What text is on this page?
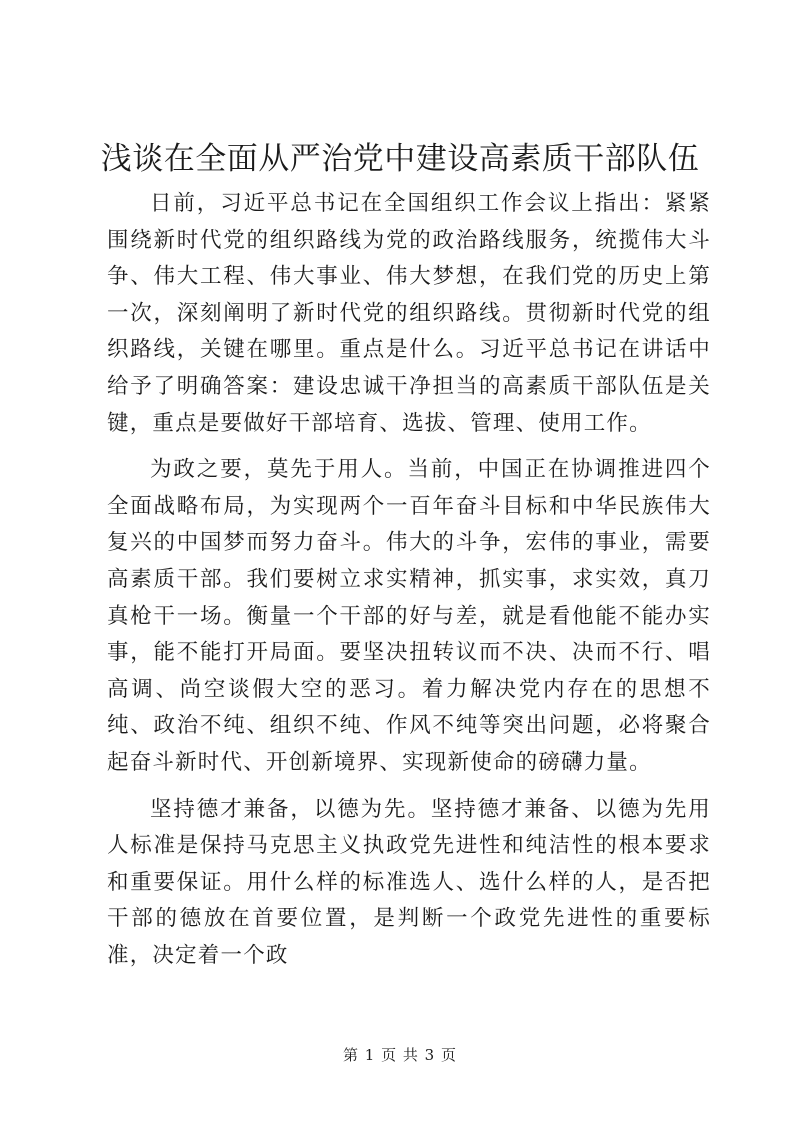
浅谈在全面从严治党中建设高素质干部队伍

日前，习近平总书记在全国组织工作会议上指出：紧紧围绕新时代党的组织路线为党的政治路线服务，统揽伟大斗争、伟大工程、伟大事业、伟大梦想，在我们党的历史上第一次，深刻阐明了新时代党的组织路线。贯彻新时代党的组织路线，关键在哪里。重点是什么。习近平总书记在讲话中给予了明确答案：建设忠诚干净担当的高素质干部队伍是关键，重点是要做好干部培育、选拔、管理、使用工作。

为政之要，莫先于用人。当前，中国正在协调推进四个全面战略布局，为实现两个一百年奋斗目标和中华民族伟大复兴的中国梦而努力奋斗。伟大的斗争，宏伟的事业，需要高素质干部。我们要树立求实精神，抓实事，求实效，真刀真枪干一场。衡量一个干部的好与差，就是看他能不能办实事，能不能打开局面。要坚决扭转议而不决、决而不行、唱高调、尚空谈假大空的恶习。着力解决党内存在的思想不纯、政治不纯、组织不纯、作风不纯等突出问题，必将聚合起奋斗新时代、开创新境界、实现新使命的磅礴力量。

坚持德才兼备，以德为先。坚持德才兼备、以德为先用人标准是保持马克思主义执政党先进性和纯洁性的根本要求和重要保证。用什么样的标准选人、选什么样的人，是否把干部的德放在首要位置，是判断一个政党先进性的重要标准，决定着一个政

第 1 页 共 3 页
